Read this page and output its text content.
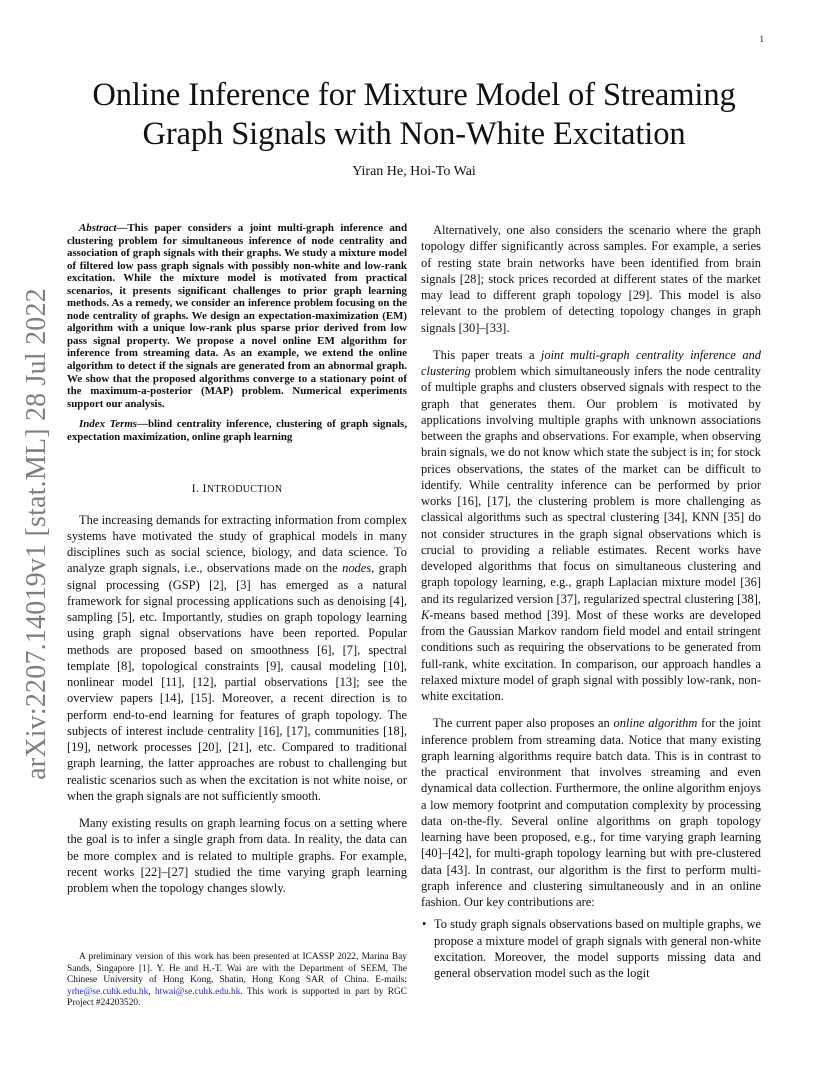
1
arXiv:2207.14019v1 [stat.ML] 28 Jul 2022
Online Inference for Mixture Model of Streaming Graph Signals with Non-White Excitation
Yiran He, Hoi-To Wai

Abstract—This paper considers a joint multi-graph inference and clustering problem for simultaneous inference of node centrality and association of graph signals with their graphs. We study a mixture model of filtered low pass graph signals with possibly non-white and low-rank excitation. While the mixture model is motivated from practical scenarios, it presents significant challenges to prior graph learning methods. As a remedy, we consider an inference problem focusing on the node centrality of graphs. We design an expectation-maximization (EM) algorithm with a unique low-rank plus sparse prior derived from low pass signal property. We propose a novel online EM algorithm for inference from streaming data. As an example, we extend the online algorithm to detect if the signals are generated from an abnormal graph. We show that the proposed algorithms converge to a stationary point of the maximum-a-posterior (MAP) problem. Numerical experiments support our analysis.

Index Terms—blind centrality inference, clustering of graph signals, expectation maximization, online graph learning

I. INTRODUCTION

The increasing demands for extracting information from complex systems have motivated the study of graphical models in many disciplines such as social science, biology, and data science. To analyze graph signals, i.e., observations made on the nodes, graph signal processing (GSP) [2], [3] has emerged as a natural framework for signal processing applications such as denoising [4], sampling [5], etc. Importantly, studies on graph topology learning using graph signal observations have been reported. Popular methods are proposed based on smoothness [6], [7], spectral template [8], topological constraints [9], causal modeling [10], nonlinear model [11], [12], partial observations [13]; see the overview papers [14], [15]. Moreover, a recent direction is to perform end-to-end learning for features of graph topology. The subjects of interest include centrality [16], [17], communities [18], [19], network processes [20], [21], etc. Compared to traditional graph learning, the latter approaches are robust to challenging but realistic scenarios such as when the excitation is not white noise, or when the graph signals are not sufficiently smooth.

Many existing results on graph learning focus on a setting where the goal is to infer a single graph from data. In reality, the data can be more complex and is related to multiple graphs. For example, recent works [22]–[27] studied the time varying graph learning problem when the topology changes slowly.

A preliminary version of this work has been presented at ICASSP 2022, Marina Bay Sands, Singapore [1]. Y. He and H.-T. Wai are with the Department of SEEM, The Chinese University of Hong Kong, Shatin, Hong Kong SAR of China. E-mails: yrhe@se.cuhk.edu.hk, htwai@se.cuhk.edu.hk. This work is supported in part by RGC Project #24203520.

Alternatively, one also considers the scenario where the graph topology differ significantly across samples. For example, a series of resting state brain networks have been identified from brain signals [28]; stock prices recorded at different states of the market may lead to different graph topology [29]. This model is also relevant to the problem of detecting topology changes in graph signals [30]–[33].

This paper treats a joint multi-graph centrality inference and clustering problem which simultaneously infers the node centrality of multiple graphs and clusters observed signals with respect to the graph that generates them. Our problem is motivated by applications involving multiple graphs with unknown associations between the graphs and observations. For example, when observing brain signals, we do not know which state the subject is in; for stock prices observations, the states of the market can be difficult to identify. While centrality inference can be performed by prior works [16], [17], the clustering problem is more challenging as classical algorithms such as spectral clustering [34], KNN [35] do not consider structures in the graph signal observations which is crucial to providing a reliable estimates. Recent works have developed algorithms that focus on simultaneous clustering and graph topology learning, e.g., graph Laplacian mixture model [36] and its regularized version [37], regularized spectral clustering [38], K-means based method [39]. Most of these works are developed from the Gaussian Markov random field model and entail stringent conditions such as requiring the observations to be generated from full-rank, white excitation. In comparison, our approach handles a relaxed mixture model of graph signal with possibly low-rank, non-white excitation.

The current paper also proposes an online algorithm for the joint inference problem from streaming data. Notice that many existing graph learning algorithms require batch data. This is in contrast to the practical environment that involves streaming and even dynamical data collection. Furthermore, the online algorithm enjoys a low memory footprint and computation complexity by processing data on-the-fly. Several online algorithms on graph topology learning have been proposed, e.g., for time varying graph learning [40]–[42], for multi-graph topology learning but with pre-clustered data [43]. In contrast, our algorithm is the first to perform multi-graph inference and clustering simultaneously and in an online fashion. Our key contributions are:

• To study graph signals observations based on multiple graphs, we propose a mixture model of graph signals with general non-white excitation. Moreover, the model supports missing data and general observation model such as the logit
